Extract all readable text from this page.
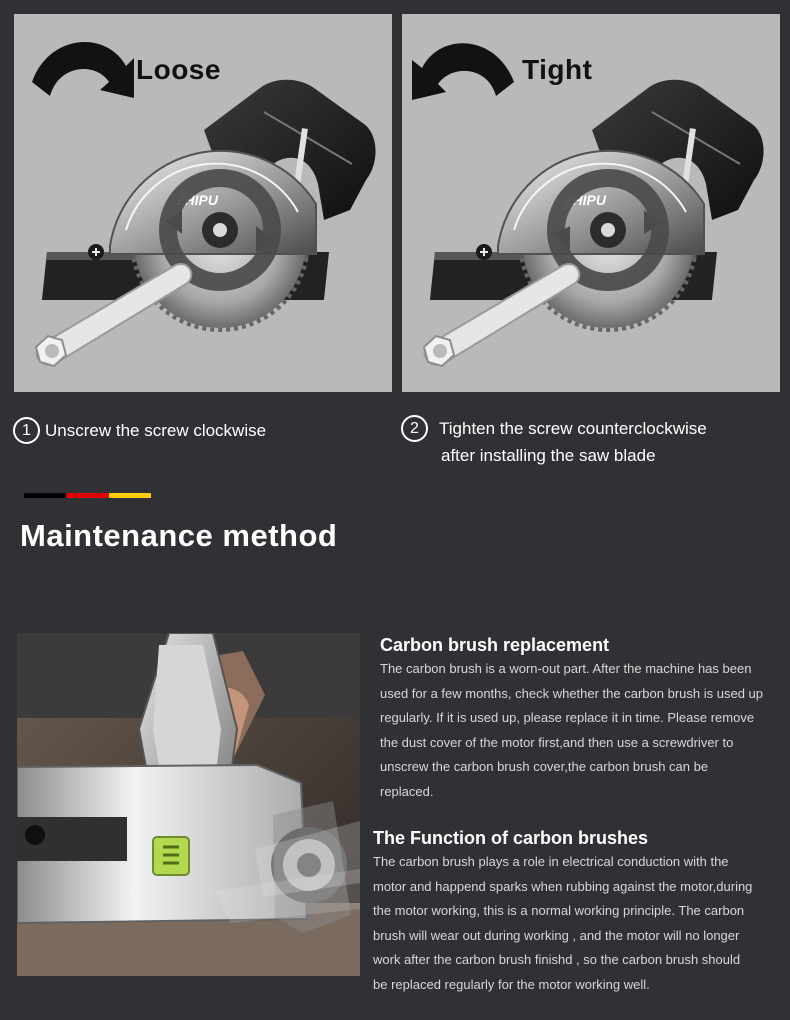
ZHIPU
Loose
ZHIPU
Tight
1 Unscrew the screw clockwise	2	Tighten the screw counterclockwise
after installing the saw blade
Maintenance method
Carbon brush replacement

The carbon brush is a worn-out part. After the machine has been

used for a few months, check whether the carbon brush is used up

regularly. If it is used up, please replace it in time. Please remove

the dust cover of the motor first,and then use a screwdriver to

unscrew the carbon brush cover,the carbon brush can be

replaced.

The Function of carbon brushes

The carbon brush plays a role in electrical conduction with the

motor and happend sparks when rubbing against the motor,during

the motor working, this is a normal working principle. The carbon

brush will wear out during working , and the motor will no longer

work after the carbon brush finishd , so the carbon brush should

be replaced regularly for the motor working well.
